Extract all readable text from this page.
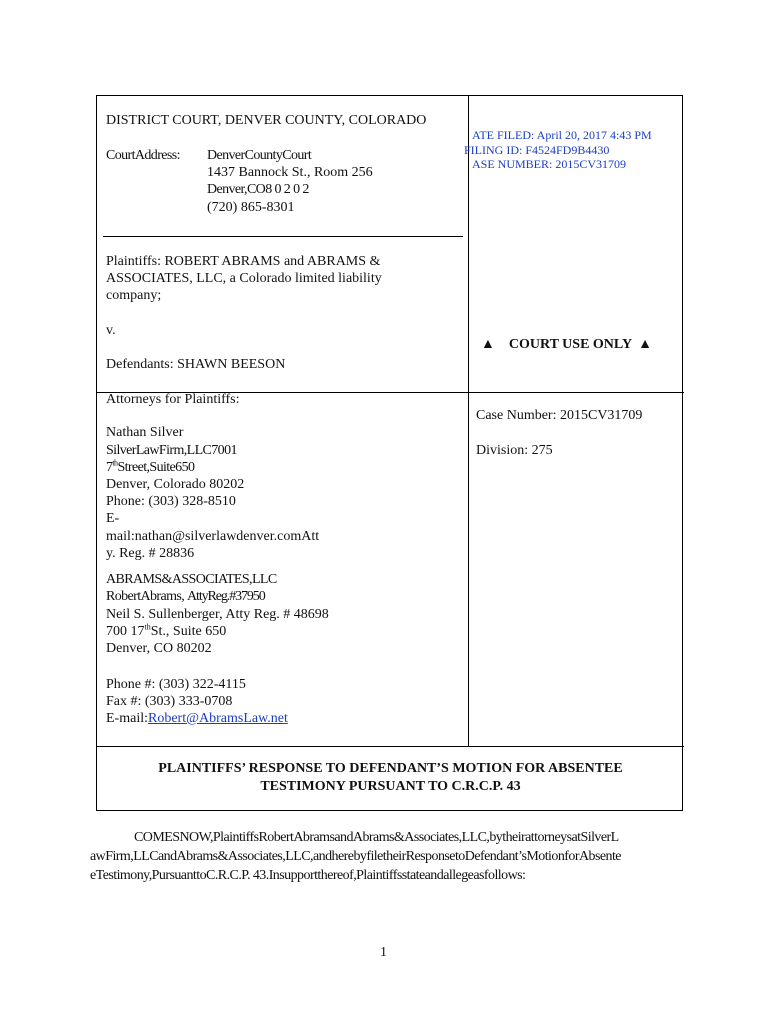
DISTRICT COURT, DENVER COUNTY, COLORADO
CourtAddress: DenverCountyCourt
1437 Bannock St., Room 256
Denver,CO8 0 2 0 2
(720) 865-8301
ATE FILED: April 20, 2017 4:43 PM
FILING ID: F4524FD9B4430
ASE NUMBER: 2015CV31709
Plaintiffs: ROBERT ABRAMS and ABRAMS &
ASSOCIATES, LLC, a Colorado limited liability
company;
v.
Defendants: SHAWN BEESON
▲ COURT USE ONLY ▲
Attorneys for Plaintiffs:
Nathan Silver
SilverLawFirm,LLC7001
7thStreet,Suite650
Denver, Colorado 80202
Phone: (303) 328-8510
E-
mail:nathan@silverlawdenver.comAtt
y. Reg. # 28836
ABRAMS&ASSOCIATES,LLC
RobertAbrams, AttyReg.#37950
Neil S. Sullenberger, Atty Reg. # 48698
700 17thSt., Suite 650
Denver, CO 80202
Phone #: (303) 322-4115
Fax #: (303) 333-0708
E-mail:Robert@AbramsLaw.net
Case Number: 2015CV31709
Division: 275
PLAINTIFFS’ RESPONSE TO DEFENDANT’S MOTION FOR ABSENTEE
TESTIMONY PURSUANT TO C.R.C.P. 43
COMESNOW,PlaintiffsRobertAbramsandAbrams&Associates,LLC,bytheirattorneysatSilverL
awFirm,LLCandAbrams&Associates,LLC,andherebyfiletheirResponsetoDefendant’sMotionforAbsente
eTestimony,PursuanttoC.R.C.P. 43.Insupportthereof,Plaintiffsstateandallegeasfollows:
1
